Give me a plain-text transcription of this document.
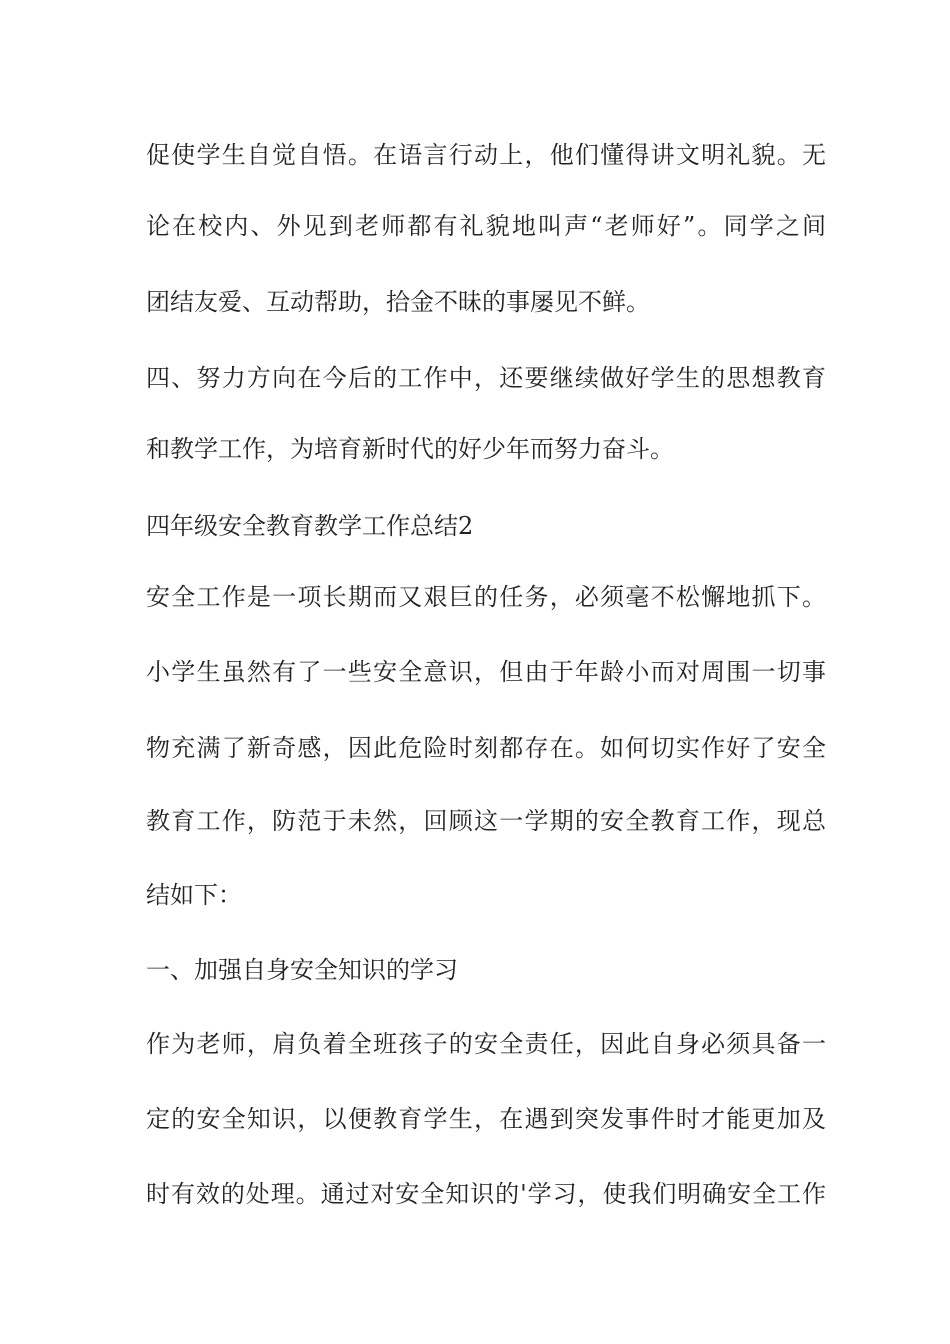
促使学生自觉自悟。在语言行动上，他们懂得讲文明礼貌。无
论在校内、外见到老师都有礼貌地叫声“老师好”。同学之间
团结友爱、互动帮助，拾金不昧的事屡见不鲜。
四、努力方向在今后的工作中，还要继续做好学生的思想教育
和教学工作，为培育新时代的好少年而努力奋斗。
四年级安全教育教学工作总结2
安全工作是一项长期而又艰巨的任务，必须毫不松懈地抓下。
小学生虽然有了一些安全意识，但由于年龄小而对周围一切事
物充满了新奇感，因此危险时刻都存在。如何切实作好了安全
教育工作，防范于未然，回顾这一学期的安全教育工作，现总
结如下：
一、加强自身安全知识的学习
作为老师，肩负着全班孩子的安全责任，因此自身必须具备一
定的安全知识，以便教育学生，在遇到突发事件时才能更加及
时有效的处理。通过对安全知识的'学习，使我们明确安全工作
